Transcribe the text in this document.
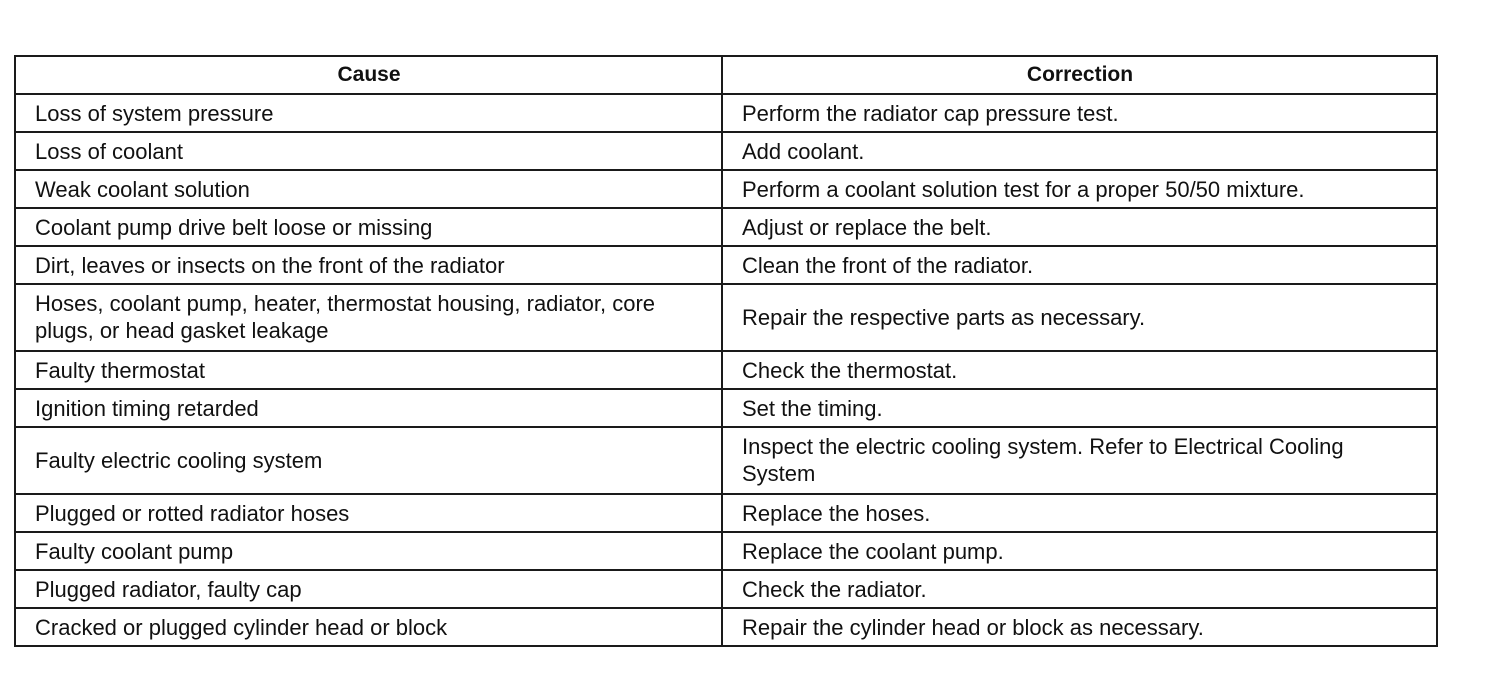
Cause	Correction
Loss of system pressure	Perform the radiator cap pressure test.
Loss of coolant	Add coolant.
Weak coolant solution	Perform a coolant solution test for a proper 50/50 mixture.
Coolant pump drive belt loose or missing	Adjust or replace the belt.
Dirt, leaves or insects on the front of the radiator	Clean the front of the radiator.
Hoses, coolant pump, heater, thermostat housing, radiator, core plugs, or head gasket leakage	Repair the respective parts as necessary.
Faulty thermostat	Check the thermostat.
Ignition timing retarded	Set the timing.
Faulty electric cooling system	Inspect the electric cooling system. Refer to Electrical Cooling System
Plugged or rotted radiator hoses	Replace the hoses.
Faulty coolant pump	Replace the coolant pump.
Plugged radiator, faulty cap	Check the radiator.
Cracked or plugged cylinder head or block	Repair the cylinder head or block as necessary.
